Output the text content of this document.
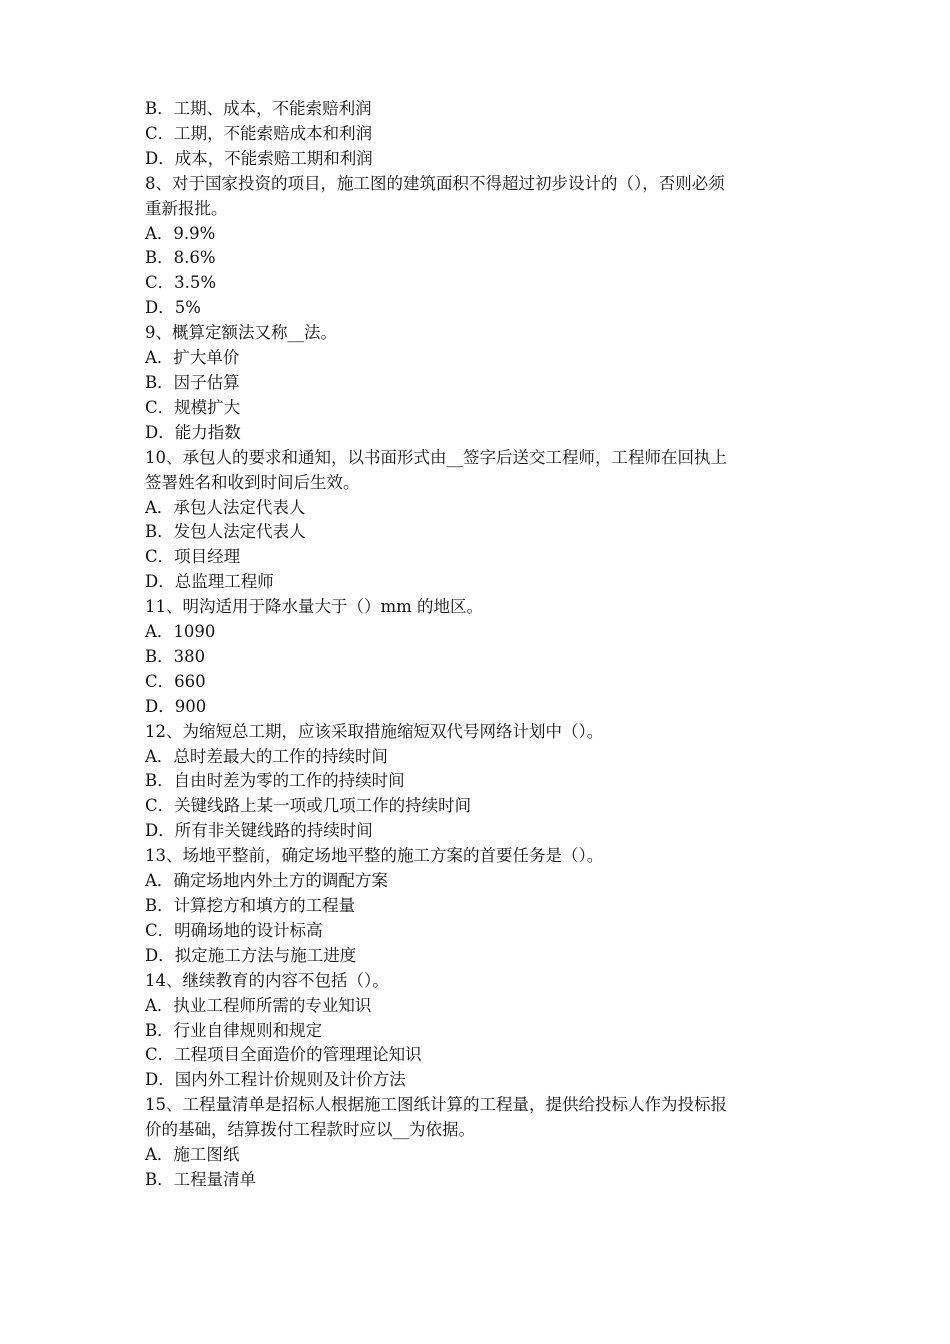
B．工期、成本，不能索赔利润
C．工期，不能索赔成本和利润
D．成本，不能索赔工期和利润
8、对于国家投资的项目，施工图的建筑面积不得超过初步设计的（），否则必须
重新报批。
A．9.9%
B．8.6%
C．3.5%
D．5%
9、概算定额法又称__法。
A．扩大单价
B．因子估算
C．规模扩大
D．能力指数
10、承包人的要求和通知，以书面形式由__签字后送交工程师，工程师在回执上
签署姓名和收到时间后生效。
A．承包人法定代表人
B．发包人法定代表人
C．项目经理
D．总监理工程师
11、明沟适用于降水量大于（）mm 的地区。
A．1090
B．380
C．660
D．900
12、为缩短总工期，应该采取措施缩短双代号网络计划中（）。
A．总时差最大的工作的持续时间
B．自由时差为零的工作的持续时间
C．关键线路上某一项或几项工作的持续时间
D．所有非关键线路的持续时间
13、场地平整前，确定场地平整的施工方案的首要任务是（）。
A．确定场地内外土方的调配方案
B．计算挖方和填方的工程量
C．明确场地的设计标高
D．拟定施工方法与施工进度
14、继续教育的内容不包括（）。
A．执业工程师所需的专业知识
B．行业自律规则和规定
C．工程项目全面造价的管理理论知识
D．国内外工程计价规则及计价方法
15、工程量清单是招标人根据施工图纸计算的工程量，提供给投标人作为投标报
价的基础，结算拨付工程款时应以__为依据。
A．施工图纸
B．工程量清单
